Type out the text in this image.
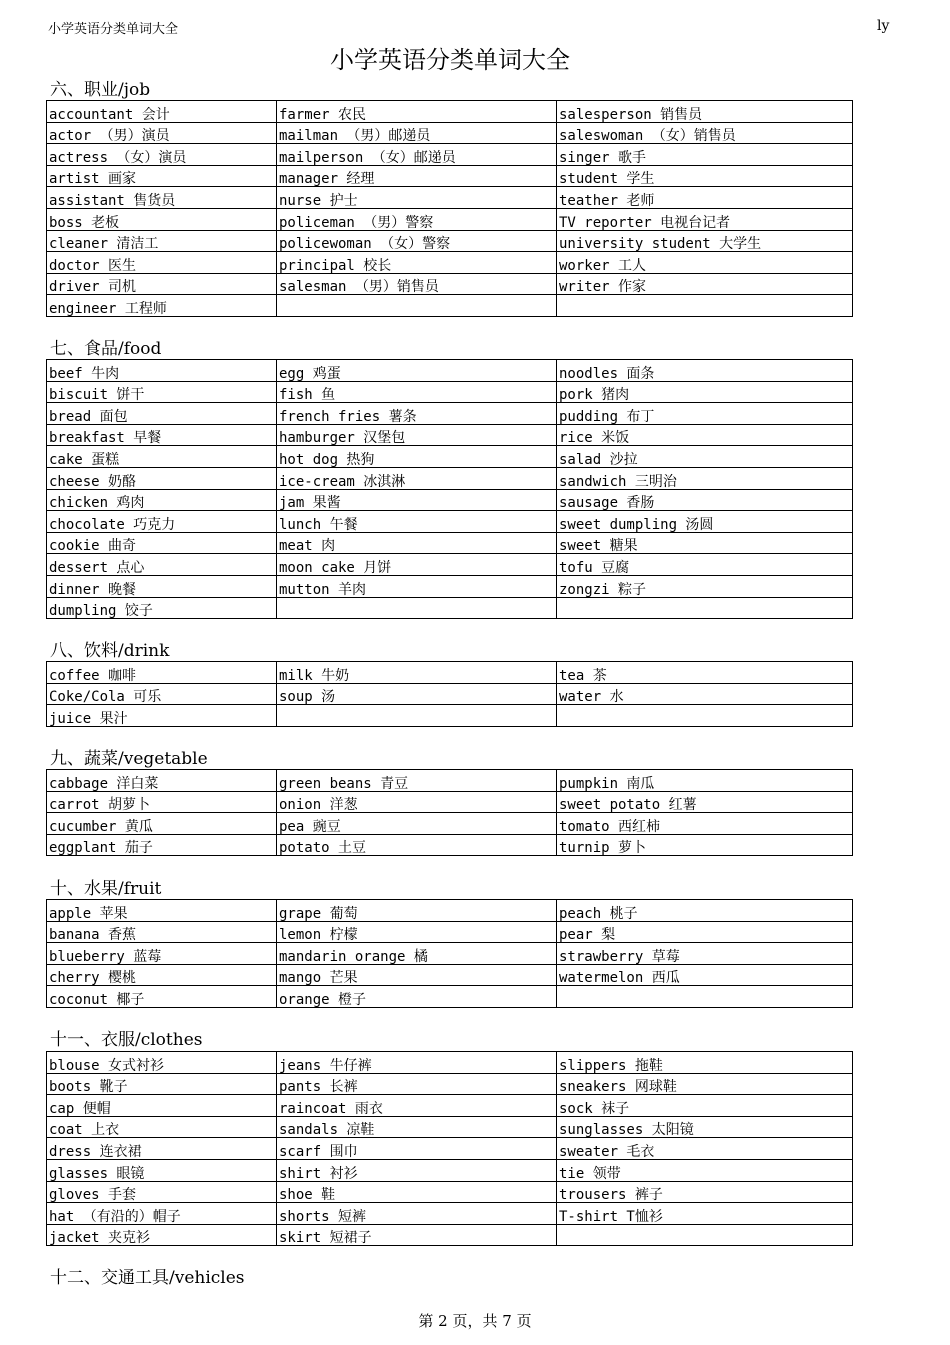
小学英语分类单词大全	ly
小学英语分类单词大全
六、职业/job
accountant 会计	farmer 农民	salesperson 销售员
actor （男）演员	mailman （男）邮递员	saleswoman （女）销售员
actress （女）演员	mailperson （女）邮递员	singer 歌手
artist 画家	manager 经理	student 学生
assistant 售货员	nurse 护士	teather 老师
boss 老板	policeman （男）警察	TV reporter 电视台记者
cleaner 清洁工	policewoman （女）警察	university student 大学生
doctor 医生	principal 校长	worker 工人
driver 司机	salesman （男）销售员	writer 作家
engineer 工程师		
七、食品/food
beef 牛肉	egg 鸡蛋	noodles 面条
biscuit 饼干	fish 鱼	pork 猪肉
bread 面包	french fries 薯条	pudding 布丁
breakfast 早餐	hamburger 汉堡包	rice 米饭
cake 蛋糕	hot dog 热狗	salad 沙拉
cheese 奶酪	ice-cream 冰淇淋	sandwich 三明治
chicken 鸡肉	jam 果酱	sausage 香肠
chocolate 巧克力	lunch 午餐	sweet dumpling 汤圆
cookie 曲奇	meat 肉	sweet 糖果
dessert 点心	moon cake 月饼	tofu 豆腐
dinner 晚餐	mutton 羊肉	zongzi 粽子
dumpling 饺子		
八、饮料/drink
coffee 咖啡	milk 牛奶	tea 茶
Coke/Cola 可乐	soup 汤	water 水
juice 果汁		
九、蔬菜/vegetable
cabbage 洋白菜	green beans 青豆	pumpkin 南瓜
carrot 胡萝卜	onion 洋葱	sweet potato 红薯
cucumber 黄瓜	pea 豌豆	tomato 西红柿
eggplant 茄子	potato 土豆	turnip 萝卜
十、水果/fruit
apple 苹果	grape 葡萄	peach 桃子
banana 香蕉	lemon 柠檬	pear 梨
blueberry 蓝莓	mandarin orange 橘	strawberry 草莓
cherry 樱桃	mango 芒果	watermelon 西瓜
coconut 椰子	orange 橙子	
十一、衣服/clothes
blouse 女式衬衫	jeans 牛仔裤	slippers 拖鞋
boots 靴子	pants 长裤	sneakers 网球鞋
cap 便帽	raincoat 雨衣	sock 袜子
coat 上衣	sandals 凉鞋	sunglasses 太阳镜
dress 连衣裙	scarf 围巾	sweater 毛衣
glasses 眼镜	shirt 衬衫	tie 领带
gloves 手套	shoe 鞋	trousers 裤子
hat （有沿的）帽子	shorts 短裤	T-shirt T恤衫
jacket 夹克衫	skirt 短裙子	
十二、交通工具/vehicles
第 2 页，共 7 页
